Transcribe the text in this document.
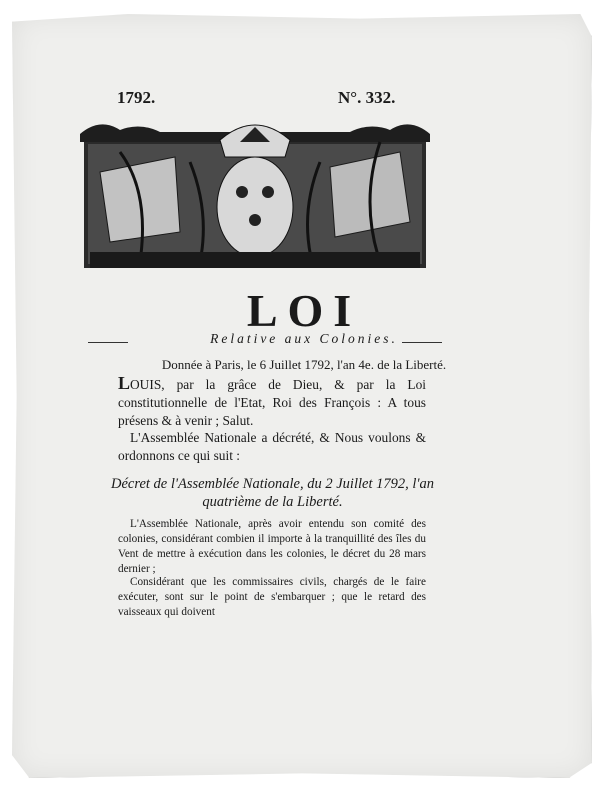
1792.	N°. 332.
LOI
Relative aux Colonies.
Donnée à Paris, le 6 Juillet 1792, l'an 4e. de la Liberté.
LOUIS, par la grâce de Dieu, & par la Loi constitutionnelle de l'Etat, Roi des François : A tous présens & à venir ; Salut.
L'Assemblée Nationale a décrété, & Nous voulons & ordonnons ce qui suit :
Décret de l'Assemblée Nationale, du 2 Juillet 1792, l'an quatrième de la Liberté.
L'Assemblée Nationale, après avoir entendu son comité des colonies, considérant combien il importe à la tranquillité des îles du Vent de mettre à exécution dans les colonies, le décret du 28 mars dernier ;
Considérant que les commissaires civils, chargés de le faire exécuter, sont sur le point de s'embarquer ; que le retard des vaisseaux qui doivent
